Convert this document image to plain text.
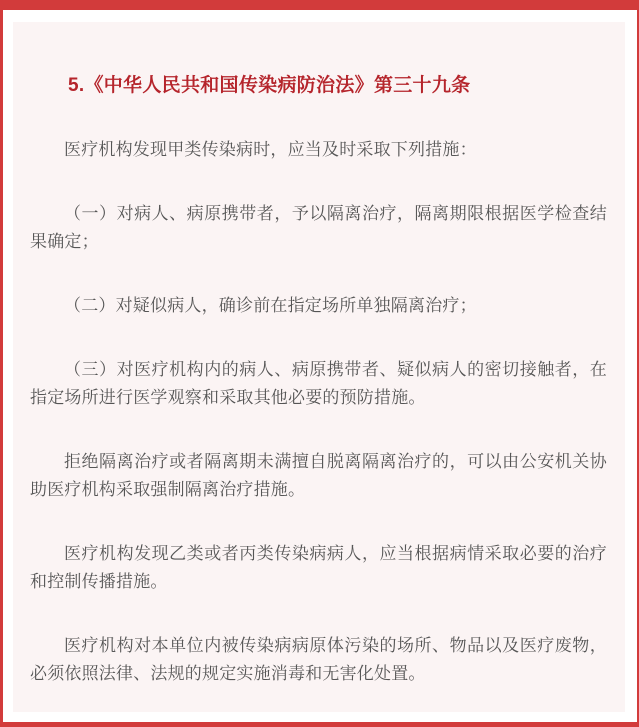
5.《中华人民共和国传染病防治法》第三十九条

医疗机构发现甲类传染病时，应当及时采取下列措施：

（一）对病人、病原携带者，予以隔离治疗，隔离期限根据医学检查结果确定；

（二）对疑似病人，确诊前在指定场所单独隔离治疗；

（三）对医疗机构内的病人、病原携带者、疑似病人的密切接触者，在指定场所进行医学观察和采取其他必要的预防措施。

拒绝隔离治疗或者隔离期未满擅自脱离隔离治疗的，可以由公安机关协助医疗机构采取强制隔离治疗措施。

医疗机构发现乙类或者丙类传染病病人，应当根据病情采取必要的治疗和控制传播措施。

医疗机构对本单位内被传染病病原体污染的场所、物品以及医疗废物，必须依照法律、法规的规定实施消毒和无害化处置。
